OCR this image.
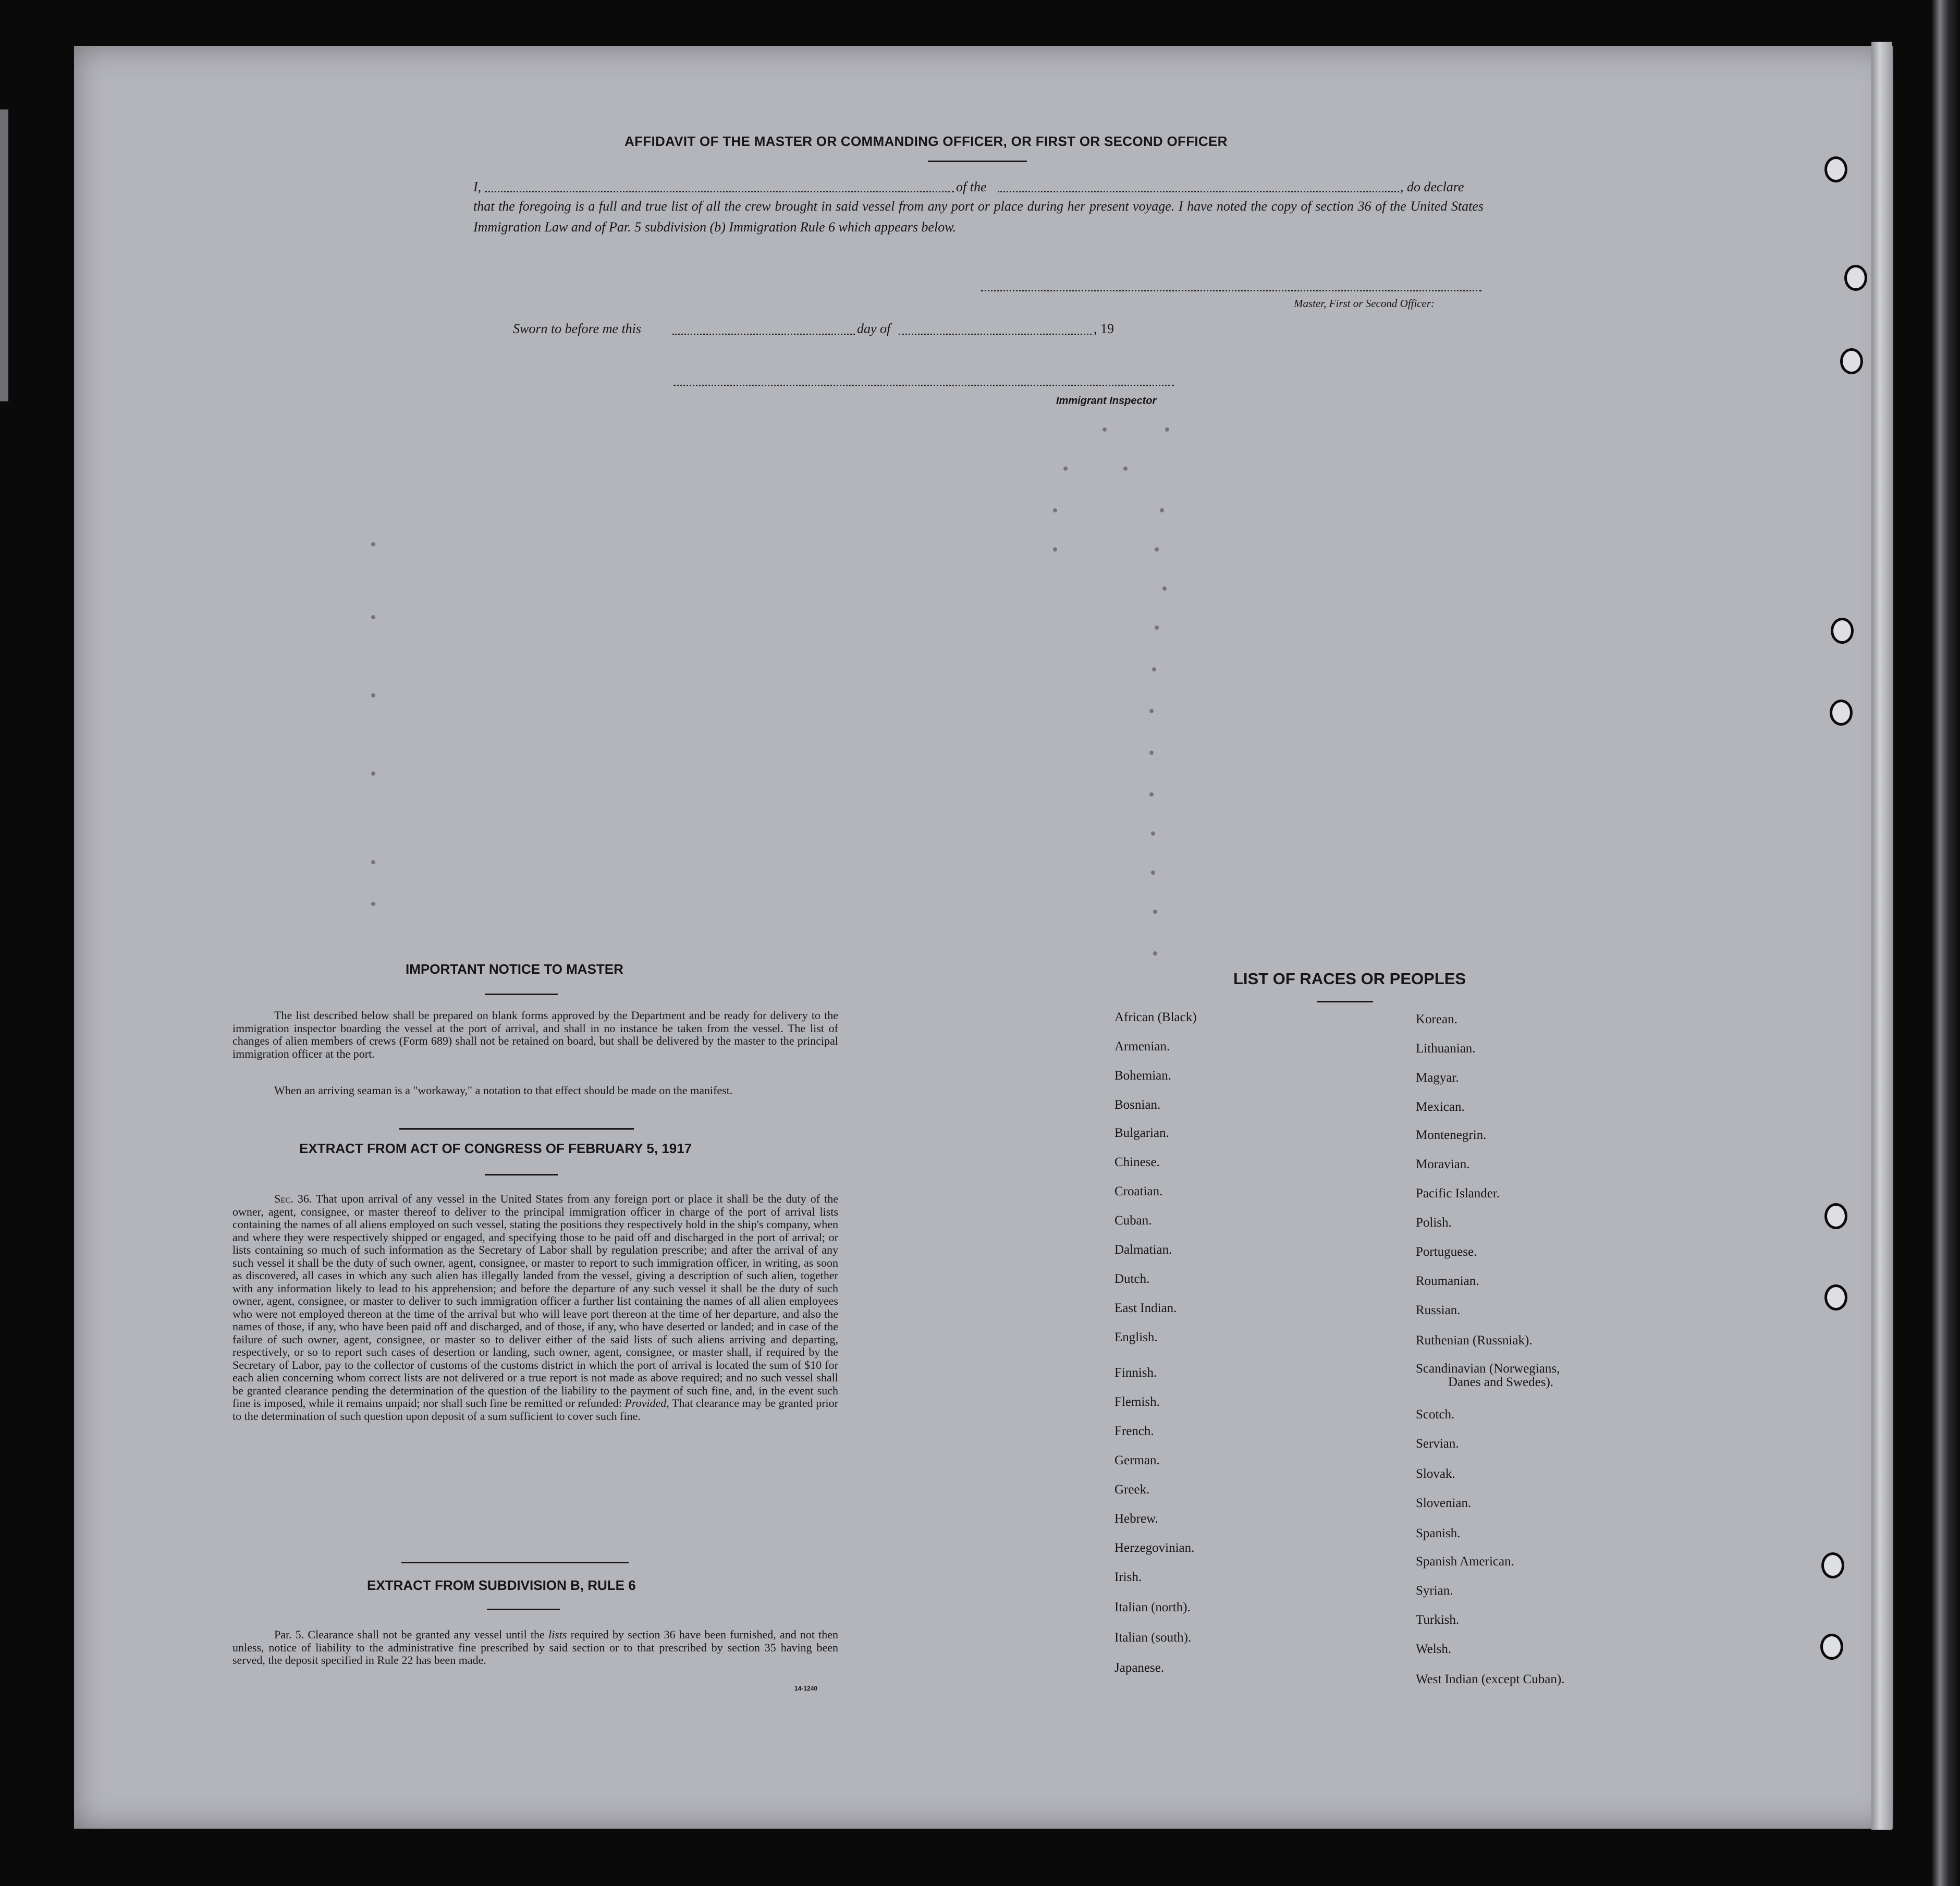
AFFIDAVIT OF THE MASTER OR COMMANDING OFFICER, OR FIRST OR SECOND OFFICER
I,	of the	, do declare
that the foregoing is a full and true list of all the crew brought in said vessel from any port or place during her present voyage. I have noted the copy of section 36 of the United States Immigration Law and of Par. 5 subdivision (b) Immigration Rule 6 which appears below.
Master, First or Second Officer:
Sworn to before me this	day of	, 19
Immigrant Inspector
IMPORTANT NOTICE TO MASTER
The list described below shall be prepared on blank forms approved by the Department and be ready for delivery to the immigration inspector boarding the vessel at the port of arrival, and shall in no instance be taken from the vessel. The list of changes of alien members of crews (Form 689) shall not be retained on board, but shall be delivered by the master to the principal immigration officer at the port.
When an arriving seaman is a "workaway," a notation to that effect should be made on the manifest.
EXTRACT FROM ACT OF CONGRESS OF FEBRUARY 5, 1917
Sec. 36. That upon arrival of any vessel in the United States from any foreign port or place it shall be the duty of the owner, agent, consignee, or master thereof to deliver to the principal immigration officer in charge of the port of arrival lists containing the names of all aliens employed on such vessel, stating the positions they respectively hold in the ship's company, when and where they were respectively shipped or engaged, and specifying those to be paid off and discharged in the port of arrival; or lists containing so much of such information as the Secretary of Labor shall by regulation prescribe; and after the arrival of any such vessel it shall be the duty of such owner, agent, consignee, or master to report to such immigration officer, in writing, as soon as discovered, all cases in which any such alien has illegally landed from the vessel, giving a description of such alien, together with any information likely to lead to his apprehension; and before the departure of any such vessel it shall be the duty of such owner, agent, consignee, or master to deliver to such immigration officer a further list containing the names of all alien employees who were not employed thereon at the time of the arrival but who will leave port thereon at the time of her departure, and also the names of those, if any, who have been paid off and discharged, and of those, if any, who have deserted or landed; and in case of the failure of such owner, agent, consignee, or master so to deliver either of the said lists of such aliens arriving and departing, respectively, or so to report such cases of desertion or landing, such owner, agent, consignee, or master shall, if required by the Secretary of Labor, pay to the collector of customs of the customs district in which the port of arrival is located the sum of $10 for each alien concerning whom correct lists are not delivered or a true report is not made as above required; and no such vessel shall be granted clearance pending the determination of the question of the liability to the payment of such fine, and, in the event such fine is imposed, while it remains unpaid; nor shall such fine be remitted or refunded: Provided, That clearance may be granted prior to the determination of such question upon deposit of a sum sufficient to cover such fine.
EXTRACT FROM SUBDIVISION B, RULE 6
Par. 5. Clearance shall not be granted any vessel until the lists required by section 36 have been furnished, and not then unless, notice of liability to the administrative fine prescribed by said section or to that prescribed by section 35 having been served, the deposit specified in Rule 22 has been made.
14-1240
LIST OF RACES OR PEOPLES
African (Black)
Armenian.
Bohemian.
Bosnian.
Bulgarian.
Chinese.
Croatian.
Cuban.
Dalmatian.
Dutch.
East Indian.
English.
Finnish.
Flemish.
French.
German.
Greek.
Hebrew.
Herzegovinian.
Irish.
Italian (north).
Italian (south).
Japanese.
Korean.
Lithuanian.
Magyar.
Mexican.
Montenegrin.
Moravian.
Pacific Islander.
Polish.
Portuguese.
Roumanian.
Russian.
Ruthenian (Russniak).
Scandinavian (Norwegians,
Danes and Swedes).
Scotch.
Servian.
Slovak.
Slovenian.
Spanish.
Spanish American.
Syrian.
Turkish.
Welsh.
West Indian (except Cuban).
